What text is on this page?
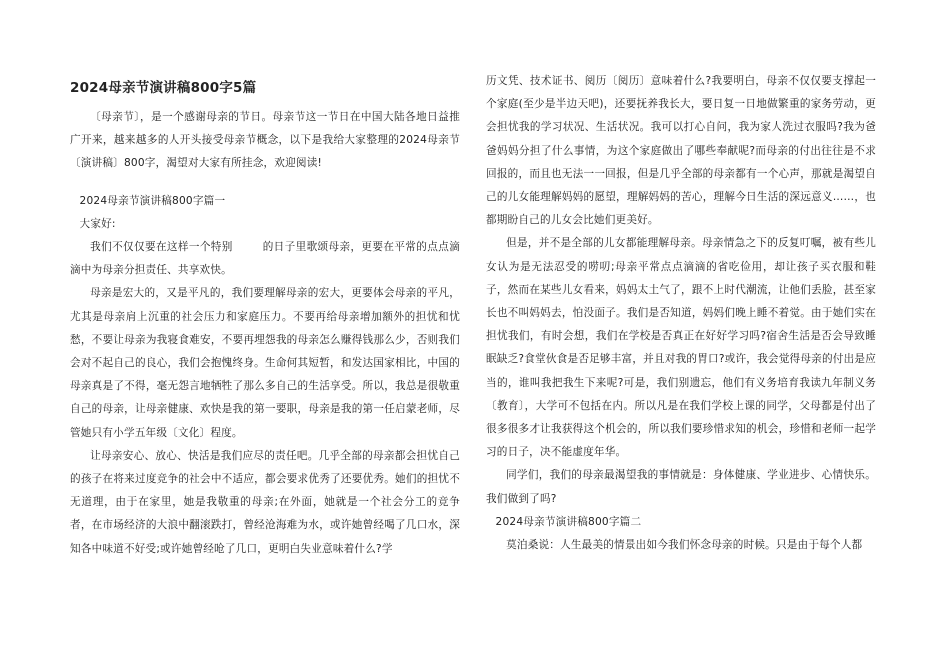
2024母亲节演讲稿800字5篇

〔母亲节〕，是一个感谢母亲的节日。母亲节这一节日在中国大陆各地日益推广开来，越来越多的人开头接受母亲节概念，以下是我给大家整理的2024母亲节〔演讲稿〕800字，渴望对大家有所挂念，欢迎阅读!

2024母亲节演讲稿800字篇一

大家好:

我们不仅仅要在这样一个特别        的日子里歌颂母亲，更要在平常的点点滴滴中为母亲分担责任、共享欢快。

母亲是宏大的，又是平凡的，我们要理解母亲的宏大，更要体会母亲的平凡，尤其是母亲肩上沉重的社会压力和家庭压力。不要再给母亲增加额外的担忧和忧愁，不要让母亲为我寝食难安，不要再埋怨我的母亲怎么赚得钱那么少，否则我们会对不起自己的良心，我们会抱愧终身。生命何其短暂，和发达国家相比，中国的母亲真是了不得，毫无怨言地牺牲了那么多自己的生活享受。所以，我总是很敬重自己的母亲，让母亲健康、欢快是我的第一要职，母亲是我的第一任启蒙老师，尽管她只有小学五年级〔文化〕程度。

让母亲安心、放心、快活是我们应尽的责任吧。几乎全部的母亲都会担忧自己的孩子在将来过度竞争的社会中不适应，都会要求优秀了还要优秀。她们的担忧不无道理，由于在家里，她是我敬重的母亲;在外面，她就是一个社会分工的竞争者，在市场经济的大浪中翻滚跌打，曾经沧海难为水，或许她曾经喝了几口水，深知各中味道不好受;或许她曾经呛了几口，更明白失业意味着什么?学

历文凭、技术证书、阅历〔阅历〕意味着什么?我要明白，母亲不仅仅要支撑起一个家庭(至少是半边天吧)，还要抚养我长大，要日复一日地做繁重的家务劳动，更会担忧我的学习状况、生活状况。我可以打心自问，我为家人洗过衣服吗?我为爸爸妈妈分担了什么事情，为这个家庭做出了哪些奉献呢?而母亲的付出往往是不求回报的，而且也无法一一回报，但是几乎全部的母亲都有一个心声，那就是渴望自己的儿女能理解妈妈的愿望，理解妈妈的苦心，理解今日生活的深远意义……，也都期盼自己的儿女会比她们更美好。

但是，并不是全部的儿女都能理解母亲。母亲情急之下的反复叮嘱，被有些儿女认为是无法忍受的唠叨;母亲平常点点滴滴的省吃俭用，却让孩子买衣服和鞋子，然而在某些儿女看来，妈妈太土气了，跟不上时代潮流，让他们丢脸，甚至家长也不叫妈妈去，怕没面子。我们是否知道，妈妈们晚上睡不着觉。由于她们实在担忧我们，有时会想，我们在学校是否真正在好好学习吗?宿舍生活是否会导致睡眠缺乏?食堂伙食是否足够丰富，并且对我的胃口?或许，我会觉得母亲的付出是应当的，谁叫我把我生下来呢?可是，我们别遗忘，他们有义务培育我读九年制义务〔教育〕，大学可不包括在内。所以凡是在我们学校上课的同学，父母都是付出了很多很多才让我获得这个机会的，所以我们要珍惜求知的机会，珍惜和老师一起学习的日子，决不能虚度年华。

同学们，我们的母亲最渴望我的事情就是：身体健康、学业进步、心情快乐。我们做到了吗?

2024母亲节演讲稿800字篇二

莫泊桑说：人生最美的情景出如今我们怀念母亲的时候。只是由于每个人都
